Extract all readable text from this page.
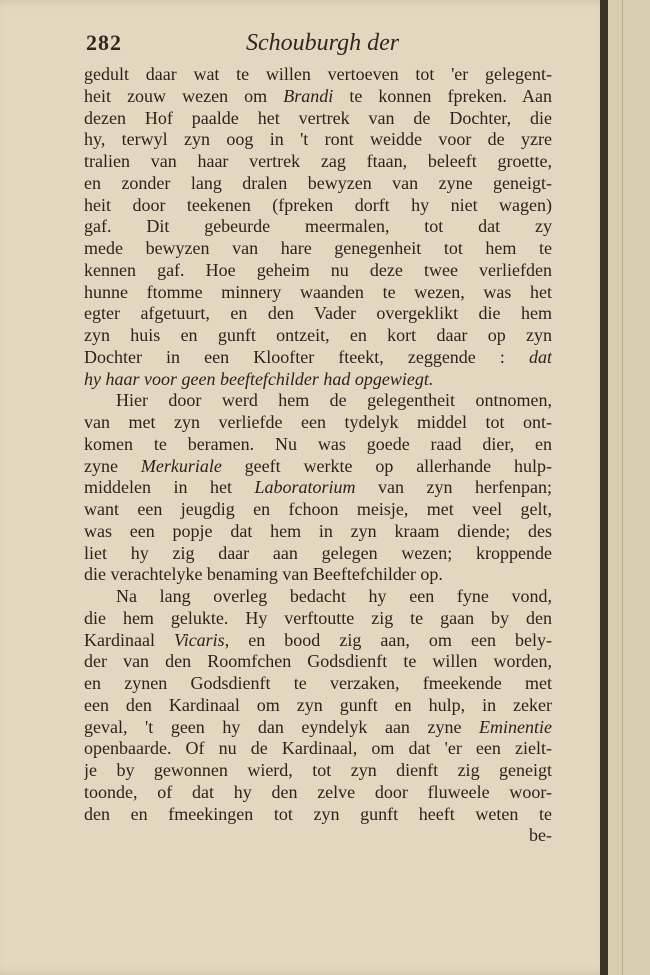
282	Schouburgh der
gedult daar wat te willen vertoeven tot 'er gelegent-
heit zouw wezen om Brandi te konnen fpreken. Aan
dezen Hof paalde het vertrek van de Dochter, die
hy, terwyl zyn oog in 't ront weidde voor de yzre
tralien van haar vertrek zag ftaan, beleeft groette,
en zonder lang dralen bewyzen van zyne geneigt-
heit door teekenen (fpreken dorft hy niet wagen)
gaf. Dit gebeurde meermalen, tot dat zy
mede bewyzen van hare genegenheit tot hem te
kennen gaf. Hoe geheim nu deze twee verliefden
hunne ftomme minnery waanden te wezen, was het
egter afgetuurt, en den Vader overgeklikt die hem
zyn huis en gunft ontzeit, en kort daar op zyn
Dochter in een Kloofter fteekt, zeggende : dat
hy haar voor geen beeftefchilder had opgewiegt.
Hier door werd hem de gelegentheit ontnomen,
van met zyn verliefde een tydelyk middel tot ont-
komen te beramen. Nu was goede raad dier, en
zyne Merkuriale geeft werkte op allerhande hulp-
middelen in het Laboratorium van zyn herfenpan;
want een jeugdig en fchoon meisje, met veel gelt,
was een popje dat hem in zyn kraam diende; des
liet hy zig daar aan gelegen wezen; kroppende
die verachtelyke benaming van Beeftefchilder op.
Na lang overleg bedacht hy een fyne vond,
die hem gelukte. Hy verftoutte zig te gaan by den
Kardinaal Vicaris, en bood zig aan, om een bely-
der van den Roomfchen Godsdienft te willen worden,
en zynen Godsdienft te verzaken, fmeekende met
een den Kardinaal om zyn gunft en hulp, in zeker
geval, 't geen hy dan eyndelyk aan zyne Eminentie
openbaarde. Of nu de Kardinaal, om dat 'er een zielt-
je by gewonnen wierd, tot zyn dienft zig geneigt
toonde, of dat hy den zelve door fluweele woor-
den en fmeekingen tot zyn gunft heeft weten te
be-
